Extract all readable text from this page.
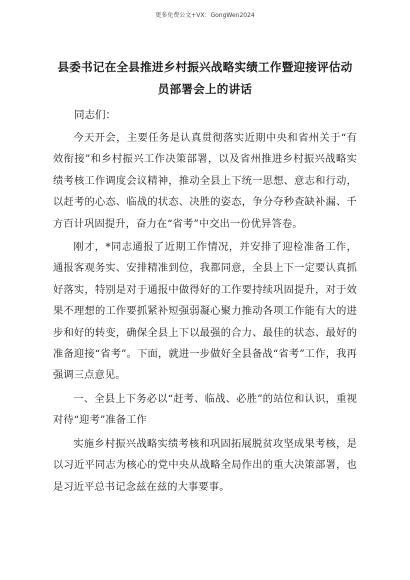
更多免费公文+VX：GongWen2024
县委书记在全县推进乡村振兴战略实绩工作暨迎接评估动员部署会上的讲话

同志们：

今天开会，主要任务是认真贯彻落实近期中央和省州关于“有效衔接”和乡村振兴工作决策部署，以及省州推进乡村振兴战略实绩考核工作调度会议精神，推动全县上下统一思想、意志和行动，以赶考的心态、临战的状态、决胜的姿态，争分夺秒查缺补漏、千方百计巩固提升，奋力在“省考”中交出一份优异答卷。

刚才，*同志通报了近期工作情况，并安排了迎检准备工作，通报客观务实、安排精准到位，我都同意，全县上下一定要认真抓好落实，特别是对于通报中做得好的工作要持续巩固提升，对于效果不理想的工作要抓紧补短强弱凝心聚力推动各项工作能有大的进步和好的转变，确保全县上下以最强的合力、最佳的状态、最好的准备迎接“省考”。下面，就进一步做好全县备战“省考”工作，我再强调三点意见。

一、全县上下务必以“赶考、临战、必胜”的站位和认识，重视对待“迎考”准备工作

实施乡村振兴战略实绩考核和巩固拓展脱贫攻坚成果考核，是以习近平同志为核心的党中央从战略全局作出的重大决策部署，也是习近平总书记念兹在兹的大事要事。
